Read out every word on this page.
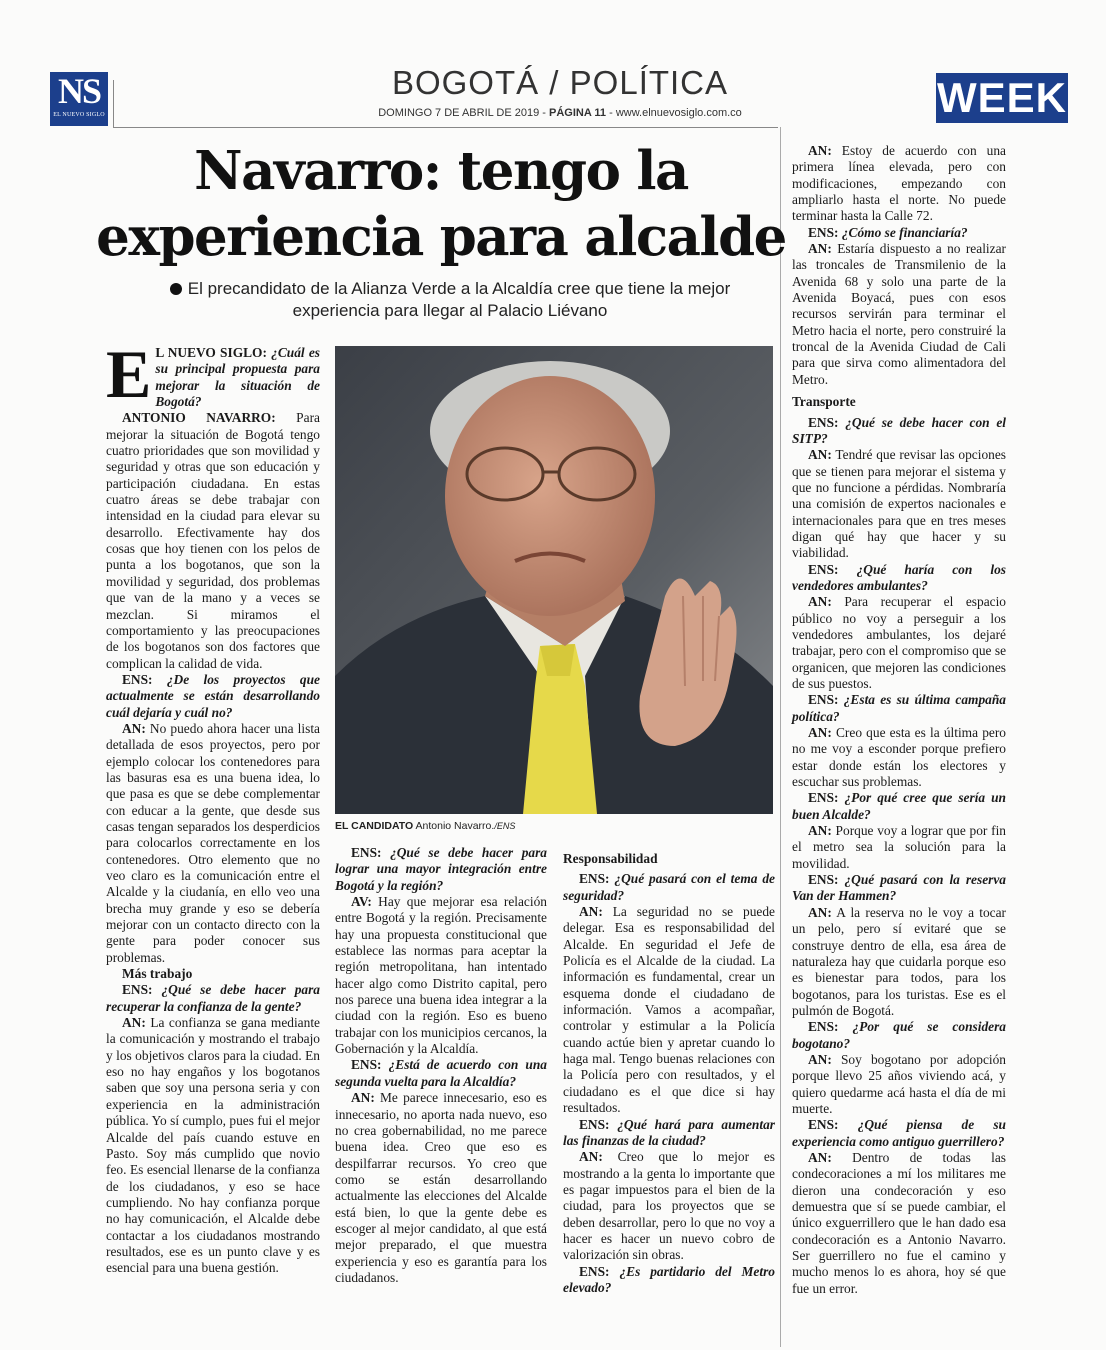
NS
EL NUEVO SIGLO
BOGOTÁ / POLÍTICA
DOMINGO 7 DE ABRIL DE 2019 - PÁGINA 11 - www.elnuevosiglo.com.co	WEEK
Navarro: tengo la
experiencia para alcalde
El precandidato de la Alianza Verde a la Alcaldía cree que tiene la mejor experiencia para llegar al Palacio Liévano

E L NUEVO SIGLO: ¿Cuál es su principal propuesta para mejorar la situación de Bogotá?

ANTONIO NAVARRO: Para mejorar la situación de Bogotá tengo cuatro prioridades que son movilidad y seguridad y otras que son educación y participación ciudadana. En estas cuatro áreas se debe trabajar con intensidad en la ciudad para elevar su desarrollo. Efectivamente hay dos cosas que hoy tienen con los pelos de punta a los bogotanos, que son la movilidad y seguridad, dos problemas que van de la mano y a veces se mezclan. Si miramos el comportamiento y las preocupaciones de los bogotanos son dos factores que complican la calidad de vida.

ENS: ¿De los proyectos que actualmente se están desarrollando cuál dejaría y cuál no?

AN: No puedo ahora hacer una lista detallada de esos proyectos, pero por ejemplo colocar los contenedores para las basuras esa es una buena idea, lo que pasa es que se debe complementar con educar a la gente, que desde sus casas tengan separados los desperdicios para colocarlos correctamente en los contenedores. Otro elemento que no veo claro es la comunicación entre el Alcalde y la ciudanía, en ello veo una brecha muy grande y eso se debería mejorar con un contacto directo con la gente para poder conocer sus problemas.

Más trabajo

ENS: ¿Qué se debe hacer para recuperar la confianza de la gente?

AN: La confianza se gana mediante la comunicación y mostrando el trabajo y los objetivos claros para la ciudad. En eso no hay engaños y los bogotanos saben que soy una persona seria y con experiencia en la administración pública. Yo sí cumplo, pues fui el mejor Alcalde del país cuando estuve en Pasto. Soy más cumplido que novio feo. Es esencial llenarse de la confianza de los ciudadanos, y eso se hace cumpliendo. No hay confianza porque no hay comunicación, el Alcalde debe contactar a los ciudadanos mostrando resultados, ese es un punto clave y es esencial para una buena gestión.

EL CANDIDATO Antonio Navarro./ENS

ENS: ¿Qué se debe hacer para lograr una mayor integración entre Bogotá y la región?

AV: Hay que mejorar esa relación entre Bogotá y la región. Precisamente hay una propuesta constitucional que establece las normas para aceptar la región metropolitana, han intentado hacer algo como Distrito capital, pero nos parece una buena idea integrar a la ciudad con la región. Eso es bueno trabajar con los municipios cercanos, la Gobernación y la Alcaldía.

ENS: ¿Está de acuerdo con una segunda vuelta para la Alcaldía?

AN: Me parece innecesario, eso es innecesario, no aporta nada nuevo, eso no crea gobernabilidad, no me parece buena idea. Creo que eso es despilfarrar recursos. Yo creo que como se están desarrollando actualmente las elecciones del Alcalde está bien, lo que la gente debe es escoger al mejor candidato, al que está mejor preparado, el que muestra experiencia y eso es garantía para los ciudadanos.

Responsabilidad

ENS: ¿Qué pasará con el tema de seguridad?

AN: La seguridad no se puede delegar. Esa es responsabilidad del Alcalde. En seguridad el Jefe de Policía es el Alcalde de la ciudad. La información es fundamental, crear un esquema donde el ciudadano de información. Vamos a acompañar, controlar y estimular a la Policía cuando actúe bien y apretar cuando lo haga mal. Tengo buenas relaciones con la Policía pero con resultados, y el ciudadano es el que dice si hay resultados.

ENS: ¿Qué hará para aumentar las finanzas de la ciudad?

AN: Creo que lo mejor es mostrando a la genta lo importante que es pagar impuestos para el bien de la ciudad, para los proyectos que se deben desarrollar, pero lo que no voy a hacer es hacer un nuevo cobro de valorización sin obras.

ENS: ¿Es partidario del Metro elevado?

AN: Estoy de acuerdo con una primera línea elevada, pero con modificaciones, empezando con ampliarlo hasta el norte. No puede terminar hasta la Calle 72.

ENS: ¿Cómo se financiaría?

AN: Estaría dispuesto a no realizar las troncales de Transmilenio de la Avenida 68 y solo una parte de la Avenida Boyacá, pues con esos recursos servirán para terminar el Metro hacia el norte, pero construiré la troncal de la Avenida Ciudad de Cali para que sirva como alimentadora del Metro.

Transporte

ENS: ¿Qué se debe hacer con el SITP?

AN: Tendré que revisar las opciones que se tienen para mejorar el sistema y que no funcione a pérdidas. Nombraría una comisión de expertos nacionales e internacionales para que en tres meses digan qué hay que hacer y su viabilidad.

ENS: ¿Qué haría con los vendedores ambulantes?

AN: Para recuperar el espacio público no voy a perseguir a los vendedores ambulantes, los dejaré trabajar, pero con el compromiso que se organicen, que mejoren las condiciones de sus puestos.

ENS: ¿Esta es su última campaña política?

AN: Creo que esta es la última pero no me voy a esconder porque prefiero estar donde están los electores y escuchar sus problemas.

ENS: ¿Por qué cree que sería un buen Alcalde?

AN: Porque voy a lograr que por fin el metro sea la solución para la movilidad.

ENS: ¿Qué pasará con la reserva Van der Hammen?

AN: A la reserva no le voy a tocar un pelo, pero sí evitaré que se construye dentro de ella, esa área de naturaleza hay que cuidarla porque eso es bienestar para todos, para los bogotanos, para los turistas. Ese es el pulmón de Bogotá.

ENS: ¿Por qué se considera bogotano?

AN: Soy bogotano por adopción porque llevo 25 años viviendo acá, y quiero quedarme acá hasta el día de mi muerte.

ENS: ¿Qué piensa de su experiencia como antiguo guerrillero?

AN: Dentro de todas las condecoraciones a mí los militares me dieron una condecoración y eso demuestra que sí se puede cambiar, el único exguerrillero que le han dado esa condecoración es a Antonio Navarro. Ser guerrillero no fue el camino y mucho menos lo es ahora, hoy sé que fue un error.
